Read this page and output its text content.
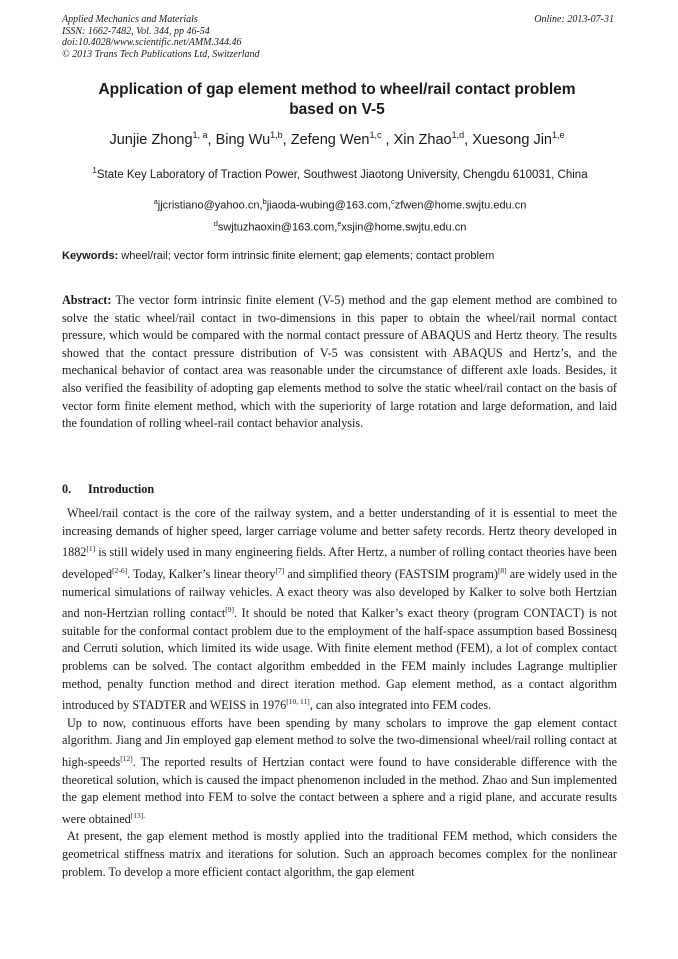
Applied Mechanics and Materials
ISSN: 1662-7482, Vol. 344, pp 46-54
doi:10.4028/www.scientific.net/AMM.344.46
© 2013 Trans Tech Publications Ltd, Switzerland
Online: 2013-07-31
Application of gap element method to wheel/rail contact problem
based on V-5
Junjie Zhong$^{1, a}$, Bing Wu$^{1,b}$, Zefeng Wen$^{1,c}$ , Xin Zhao$^{1,d}$, Xuesong Jin$^{1,e}$
$^1$State Key Laboratory of Traction Power, Southwest Jiaotong University, Chengdu 610031, China
$^a$jjcristiano@yahoo.cn,$^b$jiaoda-wubing@163.com,$^c$zfwen@home.swjtu.edu.cn
$^d$swjtuzhaoxin@163.com,$^e$xsjin@home.swjtu.edu.cn
Keywords: wheel/rail; vector form intrinsic finite element; gap elements; contact problem
Abstract: The vector form intrinsic finite element (V-5) method and the gap element method are combined to solve the static wheel/rail contact in two-dimensions in this paper to obtain the wheel/rail normal contact pressure, which would be compared with the normal contact pressure of ABAQUS and Hertz theory. The results showed that the contact pressure distribution of V-5 was consistent with ABAQUS and Hertz’s, and the mechanical behavior of contact area was reasonable under the circumstance of different axle loads. Besides, it also verified the feasibility of adopting gap elements method to solve the static wheel/rail contact on the basis of vector form finite element method, which with the superiority of large rotation and large deformation, and laid the foundation of rolling wheel-rail contact behavior analysis.
0. Introduction

Wheel/rail contact is the core of the railway system, and a better understanding of it is essential to meet the increasing demands of higher speed, larger carriage volume and better safety records. Hertz theory developed in 1882[1] is still widely used in many engineering fields. After Hertz, a number of rolling contact theories have been developed[2-6]. Today, Kalker’s linear theory[7] and simplified theory (FASTSIM program)[8] are widely used in the numerical simulations of railway vehicles. A exact theory was also developed by Kalker to solve both Hertzian and non-Hertzian rolling contact[9]. It should be noted that Kalker’s exact theory (program CONTACT) is not suitable for the conformal contact problem due to the employment of the half-space assumption based Bossinesq and Cerruti solution, which limited its wide usage. With finite element method (FEM), a lot of complex contact problems can be solved. The contact algorithm embedded in the FEM mainly includes Lagrange multiplier method, penalty function method and direct iteration method. Gap element method, as a contact algorithm introduced by STADTER and WEISS in 1976[10, 11], can also integrated into FEM codes.

Up to now, continuous efforts have been spending by many scholars to improve the gap element contact algorithm. Jiang and Jin employed gap element method to solve the two-dimensional wheel/rail rolling contact at high-speeds[12]. The reported results of Hertzian contact were found to have considerable difference with the theoretical solution, which is caused the impact phenomenon included in the method. Zhao and Sun implemented the gap element method into FEM to solve the contact between a sphere and a rigid plane, and accurate results were obtained$^{[13].}$

At present, the gap element method is mostly applied into the traditional FEM method, which considers the geometrical stiffness matrix and iterations for solution. Such an approach becomes complex for the nonlinear problem. To develop a more efficient contact algorithm, the gap element
